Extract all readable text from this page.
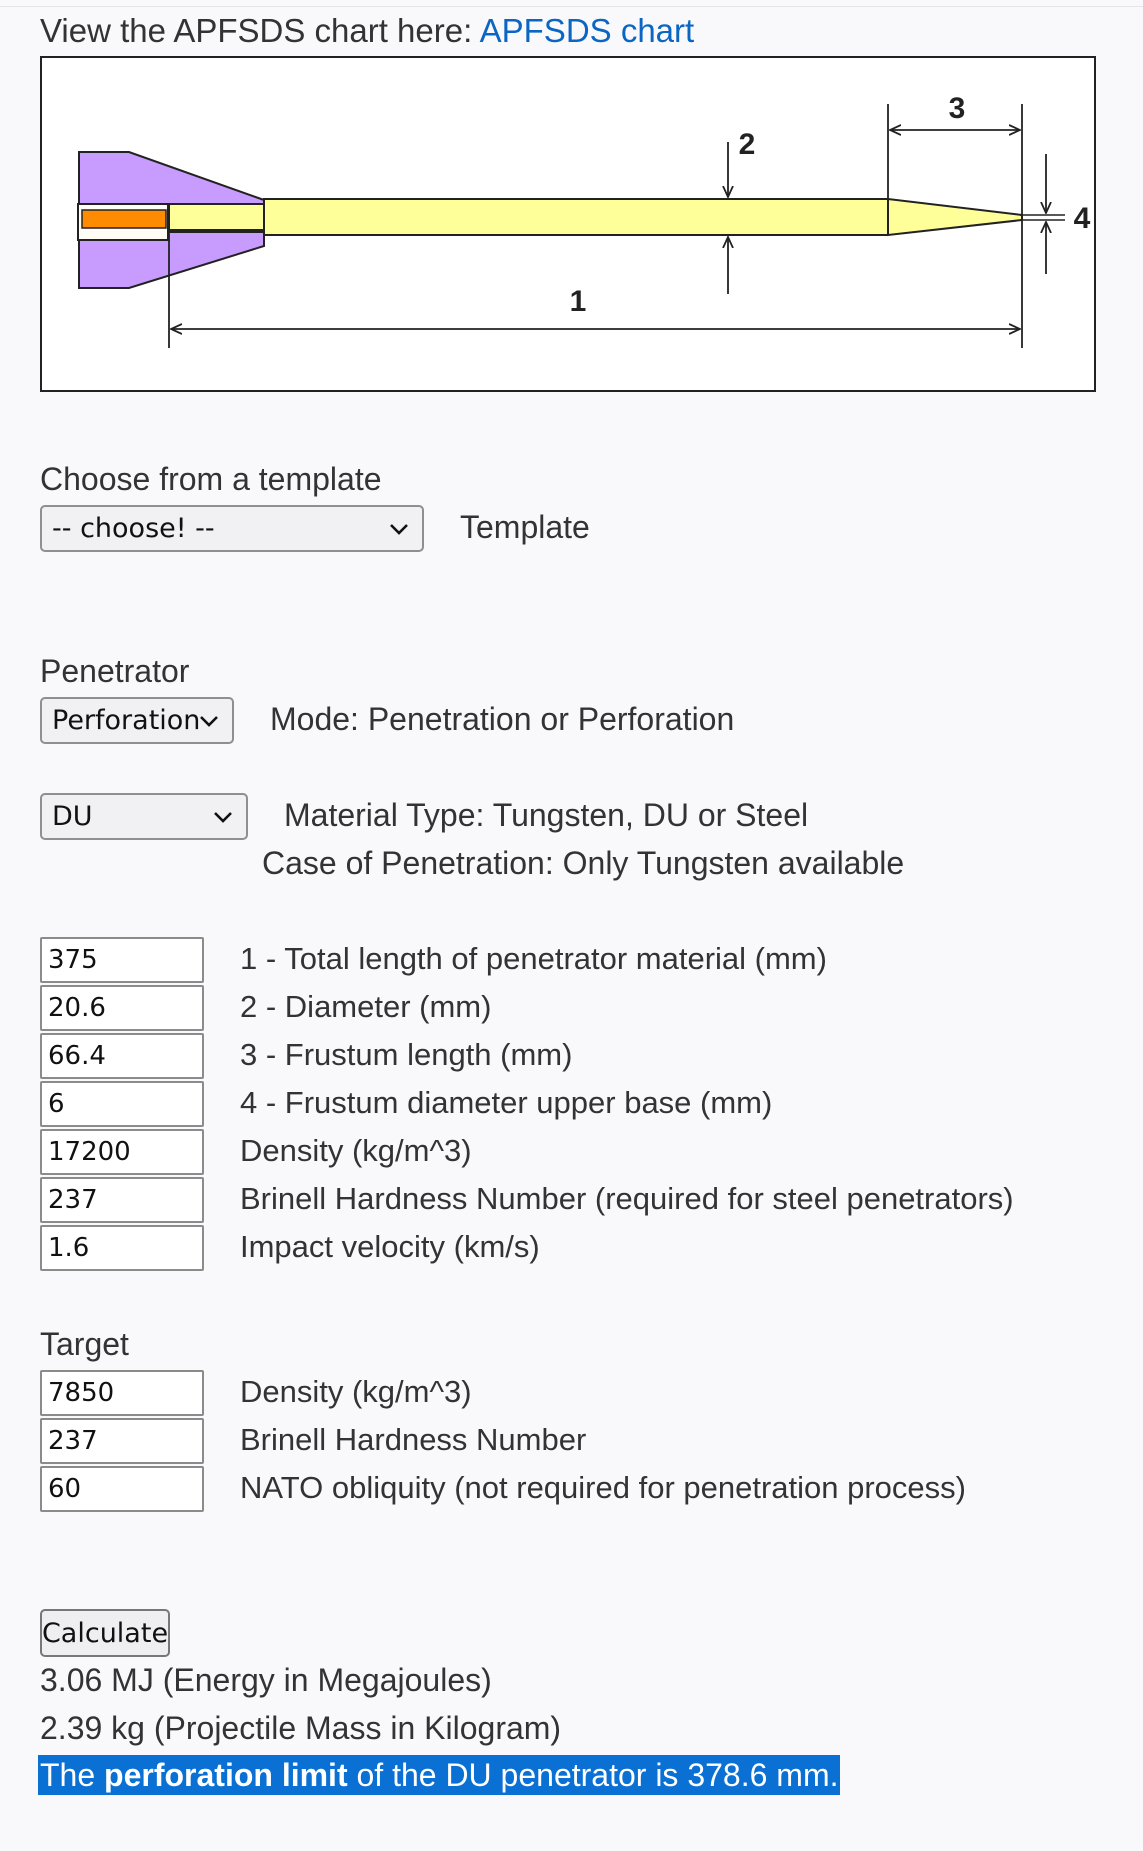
View the APFSDS chart here: APFSDS chart
1
2
3
4
Choose from a template
-- choose! --	Template
Penetrator
Perforation Mode: Penetration or Perforation
DU	Material Type: Tungsten, DU or Steel
Case of Penetration: Only Tungsten available
375	1 - Total length of penetrator material (mm)
20.6	2 - Diameter (mm)
66.4	3 - Frustum length (mm)
6	4 - Frustum diameter upper base (mm)
17200	Density (kg/m^3)
237	Brinell Hardness Number (required for steel penetrators)
1.6	Impact velocity (km/s)
Target
7850	Density (kg/m^3)
237	Brinell Hardness Number
60	NATO obliquity (not required for penetration process)
Calculate
3.06 MJ (Energy in Megajoules)
2.39 kg (Projectile Mass in Kilogram)
The perforation limit of the DU penetrator is 378.6 mm.
